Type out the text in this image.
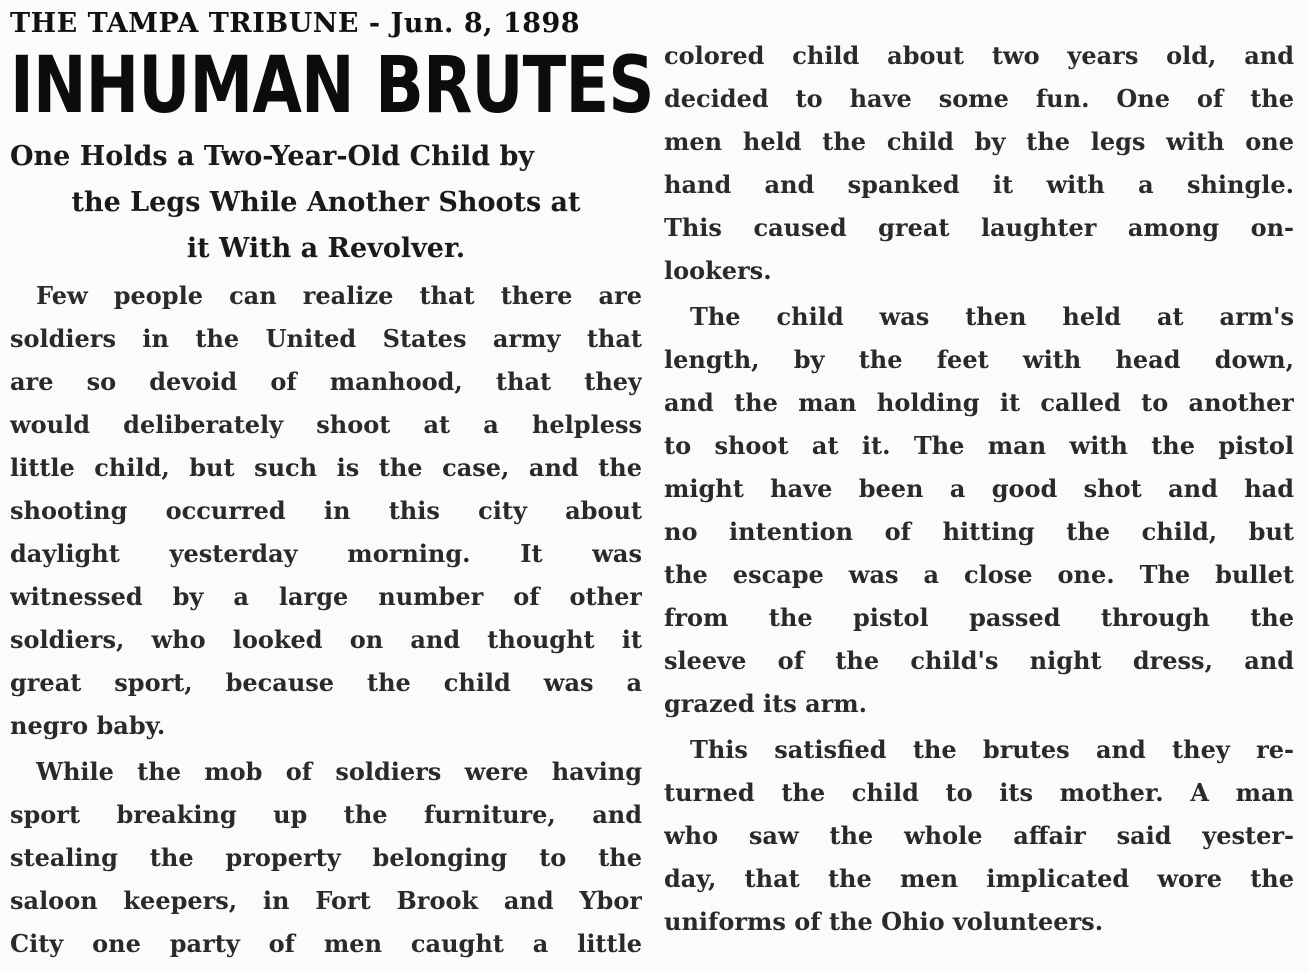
THE TAMPA TRIBUNE - Jun. 8, 1898
INHUMAN BRUTES
One Holds a Two-Year-Old Child by
the Legs While Another Shoots at
it With a Revolver.
Few people can realize that there are
soldiers in the United States army that
are so devoid of manhood, that they
would deliberately shoot at a helpless
little child, but such is the case, and the
shooting occurred in this city about
daylight yesterday morning. It was
witnessed by a large number of other
soldiers, who looked on and thought it
great sport, because the child was a
negro baby.
While the mob of soldiers were having
sport breaking up the furniture, and
stealing the property belonging to the
saloon keepers, in Fort Brook and Ybor
City one party of men caught a little
colored child about two years old, and
decided to have some fun. One of the
men held the child by the legs with one
hand and spanked it with a shingle.
This caused great laughter among on-
lookers.
The child was then held at arm's
length, by the feet with head down,
and the man holding it called to another
to shoot at it. The man with the pistol
might have been a good shot and had
no intention of hitting the child, but
the escape was a close one. The bullet
from the pistol passed through the
sleeve of the child's night dress, and
grazed its arm.
This satisfied the brutes and they re-
turned the child to its mother. A man
who saw the whole affair said yester-
day, that the men implicated wore the
uniforms of the Ohio volunteers.
